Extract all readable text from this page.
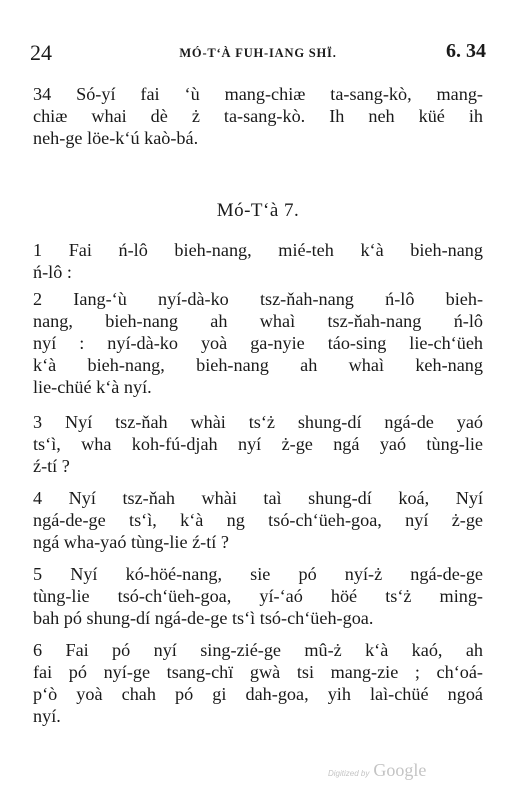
24	MÓ-T‘À FUH-IANG SHÏ.	6. 34
34 Só-yí fai ‘ù mang-chiæ ta-sang-kò, mang-
chiæ whai dè ż ta-sang-kò. Ih neh küé ih
neh-ge löe-k‘ú kaò-bá.
Mó-T‘à 7.
1 Fai ń-lô bieh-nang, mié-teh k‘à bieh-nang
ń-lô :
2 Iang-‘ù nyí-dà-ko tsz-ňah-nang ń-lô bieh-
nang, bieh-nang ah whaì tsz-ňah-nang ń-lô
nyí : nyí-dà-ko yoà ga-nyie táo-sing lie-ch‘üeh
k‘à bieh-nang, bieh-nang ah whaì keh-nang
lie-chüé k‘à nyí.
3 Nyí tsz-ňah whài ts‘ż shung-dí ngá-de yaó
ts‘ì, wha koh-fú-djah nyí ż-ge ngá yaó tùng-lie
ź-tí ?
4 Nyí tsz-ňah whài taì shung-dí koá, Nyí
ngá-de-ge ts‘ì, k‘à ng tsó-ch‘üeh-goa, nyí ż-ge
ngá wha-yaó tùng-lie ź-tí ?
5 Nyí kó-höé-nang, sie pó nyí-ż ngá-de-ge
tùng-lie tsó-ch‘üeh-goa, yí-‘aó höé ts‘ż ming-
bah pó shung-dí ngá-de-ge ts‘ì tsó-ch‘üeh-goa.
6 Fai pó nyí sing-zié-ge mû-ż k‘à kaó, ah
fai pó nyí-ge tsang-chï gwà tsi mang-zie ; ch‘oá-
p‘ò yoà chah pó gi dah-goa, yih laì-chüé ngoá
nyí.
Digitized by Google
